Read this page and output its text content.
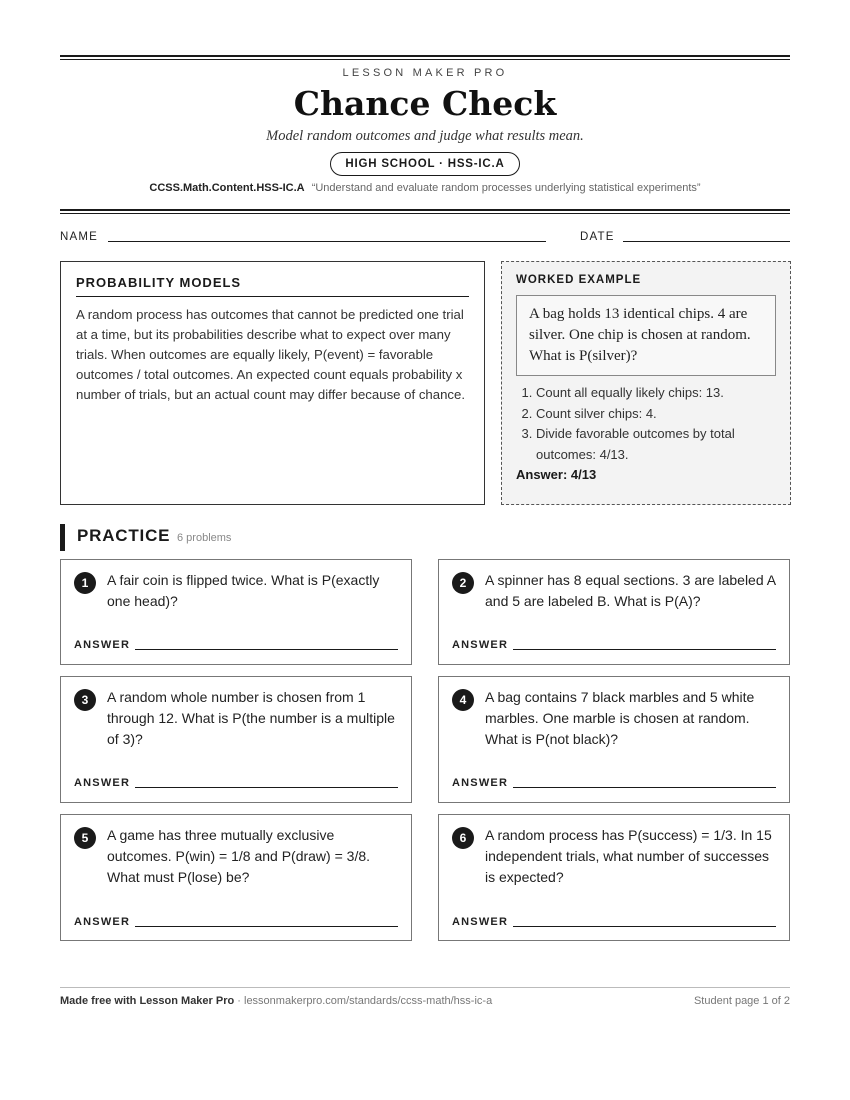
LESSON MAKER PRO
Chance Check
Model random outcomes and judge what results mean.
HIGH SCHOOL · HSS-IC.A
CCSS.Math.Content.HSS-IC.A “Understand and evaluate random processes underlying statistical experiments”
NAME	DATE
PROBABILITY MODELS
A random process has outcomes that cannot be predicted one trial at a time, but its probabilities describe what to expect over many trials. When outcomes are equally likely, P(event) = favorable outcomes / total outcomes. An expected count equals probability x number of trials, but an actual count may differ because of chance.
WORKED EXAMPLE
A bag holds 13 identical chips. 4 are silver. One chip is chosen at random. What is P(silver)?
1. Count all equally likely chips: 13.
2. Count silver chips: 4.
3. Divide favorable outcomes by total outcomes: 4/13.
Answer: 4/13
PRACTICE 6 problems
1	A fair coin is flipped twice. What is P(exactly one head)?
ANSWER
2	A spinner has 8 equal sections. 3 are labeled A and 5 are labeled B. What is P(A)?
ANSWER
3	A random whole number is chosen from 1 through 12. What is P(the number is a multiple of 3)?
ANSWER
4	A bag contains 7 black marbles and 5 white marbles. One marble is chosen at random. What is P(not black)?
ANSWER
5	A game has three mutually exclusive outcomes. P(win) = 1/8 and P(draw) = 3/8. What must P(lose) be?
ANSWER
6	A random process has P(success) = 1/3. In 15 independent trials, what number of successes is expected?
ANSWER
Made free with Lesson Maker Pro · lessonmakerpro.com/standards/ccss-math/hss-ic-a	Student page 1 of 2
